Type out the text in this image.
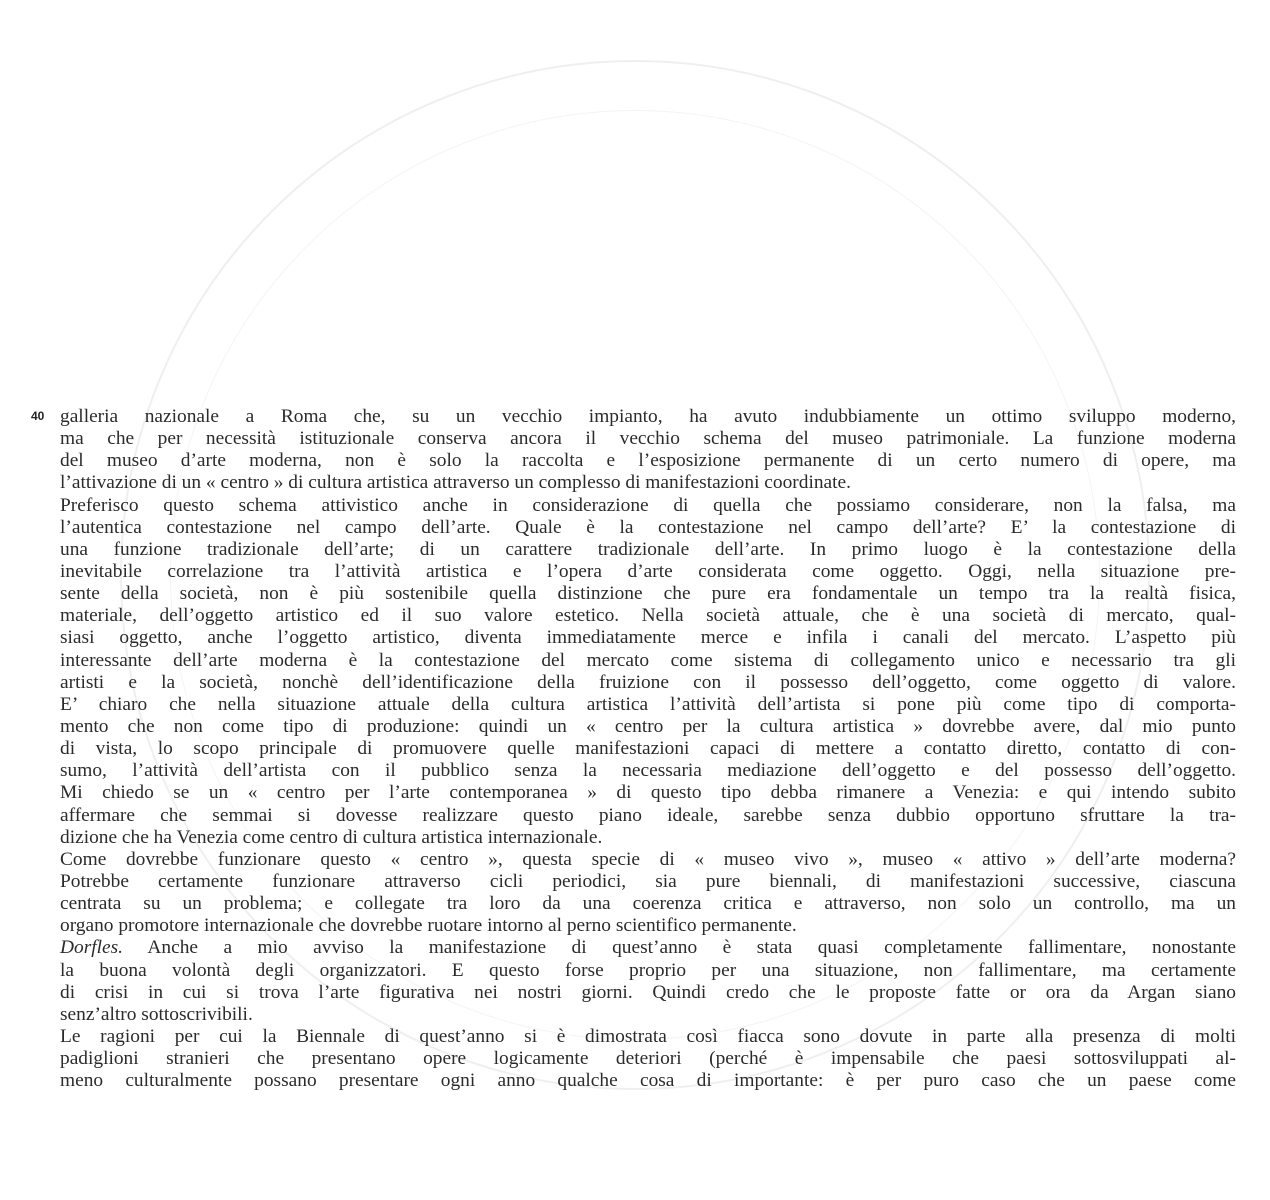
40 galleria nazionale a Roma che, su un vecchio impianto, ha avuto indubbiamente un ottimo sviluppo moderno,
ma che per necessità istituzionale conserva ancora il vecchio schema del museo patrimoniale. La funzione moderna
del museo d’arte moderna, non è solo la raccolta e l’esposizione permanente di un certo numero di opere, ma
l’attivazione di un « centro » di cultura artistica attraverso un complesso di manifestazioni coordinate.
Preferisco questo schema attivistico anche in considerazione di quella che possiamo considerare, non la falsa, ma
l’autentica contestazione nel campo dell’arte. Quale è la contestazione nel campo dell’arte? E’ la contestazione di
una funzione tradizionale dell’arte; di un carattere tradizionale dell’arte. In primo luogo è la contestazione della
inevitabile correlazione tra l’attività artistica e l’opera d’arte considerata come oggetto. Oggi, nella situazione pre-
sente della società, non è più sostenibile quella distinzione che pure era fondamentale un tempo tra la realtà fisica,
materiale, dell’oggetto artistico ed il suo valore estetico. Nella società attuale, che è una società di mercato, qual-
siasi oggetto, anche l’oggetto artistico, diventa immediatamente merce e infila i canali del mercato. L’aspetto più
interessante dell’arte moderna è la contestazione del mercato come sistema di collegamento unico e necessario tra gli
artisti e la società, nonchè dell’identificazione della fruizione con il possesso dell’oggetto, come oggetto di valore.
E’ chiaro che nella situazione attuale della cultura artistica l’attività dell’artista si pone più come tipo di comporta-
mento che non come tipo di produzione: quindi un « centro per la cultura artistica » dovrebbe avere, dal mio punto
di vista, lo scopo principale di promuovere quelle manifestazioni capaci di mettere a contatto diretto, contatto di con-
sumo, l’attività dell’artista con il pubblico senza la necessaria mediazione dell’oggetto e del possesso dell’oggetto.
Mi chiedo se un « centro per l’arte contemporanea » di questo tipo debba rimanere a Venezia: e qui intendo subito
affermare che semmai si dovesse realizzare questo piano ideale, sarebbe senza dubbio opportuno sfruttare la tra-
dizione che ha Venezia come centro di cultura artistica internazionale.
Come dovrebbe funzionare questo « centro », questa specie di « museo vivo », museo « attivo » dell’arte moderna?
Potrebbe certamente funzionare attraverso cicli periodici, sia pure biennali, di manifestazioni successive, ciascuna
centrata su un problema; e collegate tra loro da una coerenza critica e attraverso, non solo un controllo, ma un
organo promotore internazionale che dovrebbe ruotare intorno al perno scientifico permanente.
Dorfles. Anche a mio avviso la manifestazione di quest’anno è stata quasi completamente fallimentare, nonostante
la buona volontà degli organizzatori. E questo forse proprio per una situazione, non fallimentare, ma certamente
di crisi in cui si trova l’arte figurativa nei nostri giorni. Quindi credo che le proposte fatte or ora da Argan siano
senz’altro sottoscrivibili.
Le ragioni per cui la Biennale di quest’anno si è dimostrata così fiacca sono dovute in parte alla presenza di molti
padiglioni stranieri che presentano opere logicamente deteriori (perché è impensabile che paesi sottosviluppati al-
meno culturalmente possano presentare ogni anno qualche cosa di importante: è per puro caso che un paese come
